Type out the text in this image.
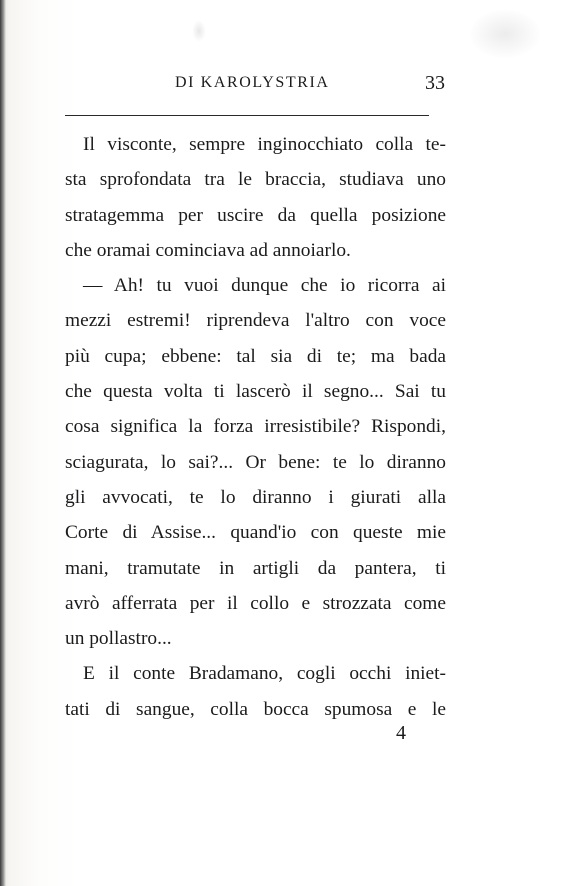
DI KAROLYSTRIA	33
Il visconte, sempre inginocchiato colla te-
sta sprofondata tra le braccia, studiava uno
stratagemma per uscire da quella posizione
che oramai cominciava ad annoiarlo.
— Ah! tu vuoi dunque che io ricorra ai
mezzi estremi! riprendeva l'altro con voce
più cupa; ebbene: tal sia di te; ma bada
che questa volta ti lascerò il segno... Sai tu
cosa significa la forza irresistibile? Rispondi,
sciagurata, lo sai?... Or bene: te lo diranno
gli avvocati, te lo diranno i giurati alla
Corte di Assise... quand'io con queste mie
mani, tramutate in artigli da pantera, ti
avrò afferrata per il collo e strozzata come
un pollastro...
E il conte Bradamano, cogli occhi iniet-
tati di sangue, colla bocca spumosa e le
4
